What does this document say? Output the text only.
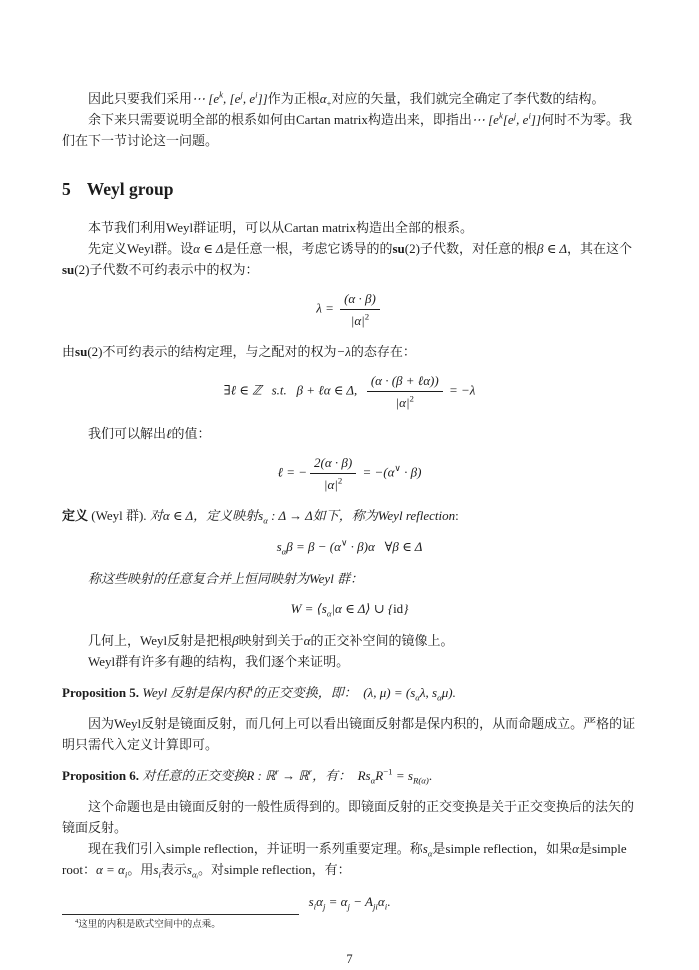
因此只要我们采用⋯ [$e^k$, [$e^j$, $e^i$]]作为正根$\alpha_+$对应的矢量，我们就完全确定了李代数的结构。

余下来只需要说明全部的根系如何由Cartan matrix构造出来，即指出⋯ [$e^k[e^j$, $e^i$]]何时不为零。我们在下一节讨论这一问题。

5 Weyl group

本节我们利用Weyl群证明，可以从Cartan matrix构造出全部的根系。

先定义Weyl群。设α ∈ Δ是任意一根，考虑它诱导的的su(2)子代数，对任意的根β ∈ Δ，其在这个su(2)子代数不可约表示中的权为：

$\lambda = \frac{(\alpha \cdot \beta)}{|\alpha|^2}$

由su(2)不可约表示的结构定理，与之配对的权为−λ的态存在：

∃ℓ ∈ ℤ s.t. β + ℓα ∈ Δ, $\frac{\text{(α · (β + ℓα))}}{|\alpha|^2} = -\lambda$

我们可以解出ℓ的值：

ℓ = − $\frac{2(\alpha \cdot \beta)}{|\alpha|^2} = -(\alpha^\vee \cdot \beta)$

定义 (Weyl 群). 对α ∈ Δ，定义映射$s_\alpha$ : Δ → Δ如下，称为Weyl reflection:

$s_\alpha\beta = \beta - (\alpha^\vee \cdot \beta)\alpha$ ∀β ∈ Δ

称这些映射的任意复合并上恒同映射为Weyl 群：

$W = ⟨s_\alpha|\alpha$ ∈ Δ⟩ ∪ {id}

几何上，Weyl反射是把根β映射到关于α的正交补空间的镜像上。

Weyl群有许多有趣的结构，我们逐个来证明。

Proposition 5. Weyl 反射是保内积$^4$的正交变换，即： (λ, $\mu) = (s_\alpha\lambda$, $s_\alpha\mu$).

因为Weyl反射是镜面反射，而几何上可以看出镜面反射都是保内积的，从而命题成立。严格的证明只需代入定义计算即可。

Proposition 6. 对任意的正交变换R : ℝ$^r$ → ℝ$^r$，有： $Rs_\alpha R^{-1} = s_{R(\alpha)}$.

这个命题也是由镜面反射的一般性质得到的。即镜面反射的正交变换是关于正交变换后的法矢的镜面反射。

现在我们引入simple reflection，并证明一系列重要定理。称$s_\alpha$是simple reflection，如果α是simple root：$\alpha = \alpha_i$。用$s_i$表示$s_{\alpha ᵢ}$。对simple reflection，有：

$s_i\alpha_j = \alpha_j - A_{ji}\alpha_i$.

$^4$这里的内积是欧式空间中的点乘。

7
